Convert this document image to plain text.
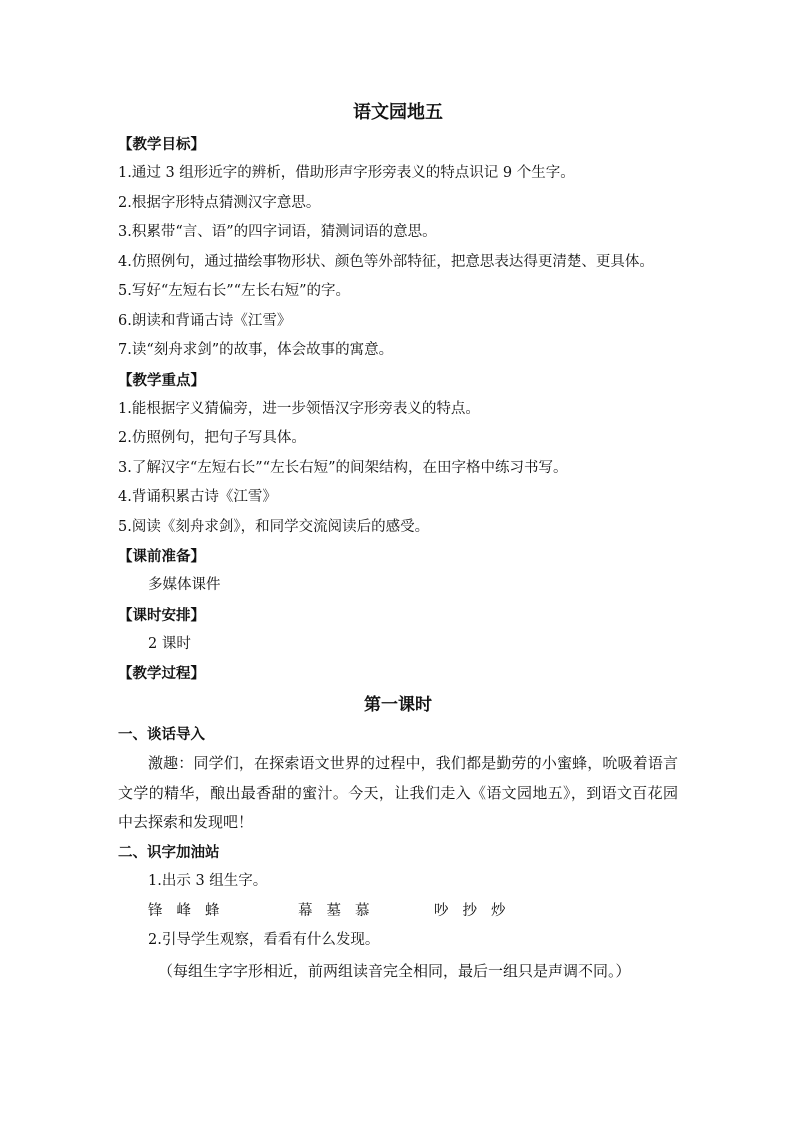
语文园地五
【教学目标】
1.通过 3 组形近字的辨析，借助形声字形旁表义的特点识记 9 个生字。
2.根据字形特点猜测汉字意思。
3.积累带“言、语”的四字词语，猜测词语的意思。
4.仿照例句，通过描绘事物形状、颜色等外部特征，把意思表达得更清楚、更具体。
5.写好“左短右长”“左长右短”的字。
6.朗读和背诵古诗《江雪》
7.读“刻舟求剑”的故事，体会故事的寓意。
【教学重点】
1.能根据字义猜偏旁，进一步领悟汉字形旁表义的特点。
2.仿照例句，把句子写具体。
3.了解汉字“左短右长”“左长右短”的间架结构，在田字格中练习书写。
4.背诵积累古诗《江雪》
5.阅读《刻舟求剑》，和同学交流阅读后的感受。
【课前准备】
多媒体课件
【课时安排】
2 课时
【教学过程】
第一课时
一、谈话导入

激趣：同学们，在探索语文世界的过程中，我们都是勤劳的小蜜蜂，吮吸着语言文学的精华，酿出最香甜的蜜汁。今天，让我们走入《语文园地五》，到语文百花园中去探索和发现吧！

二、识字加油站
1.出示 3 组生字。
锋 峰 蜂	幕 墓 慕	吵 抄 炒
2.引导学生观察，看看有什么发现。

（每组生字字形相近，前两组读音完全相同，最后一组只是声调不同。）
